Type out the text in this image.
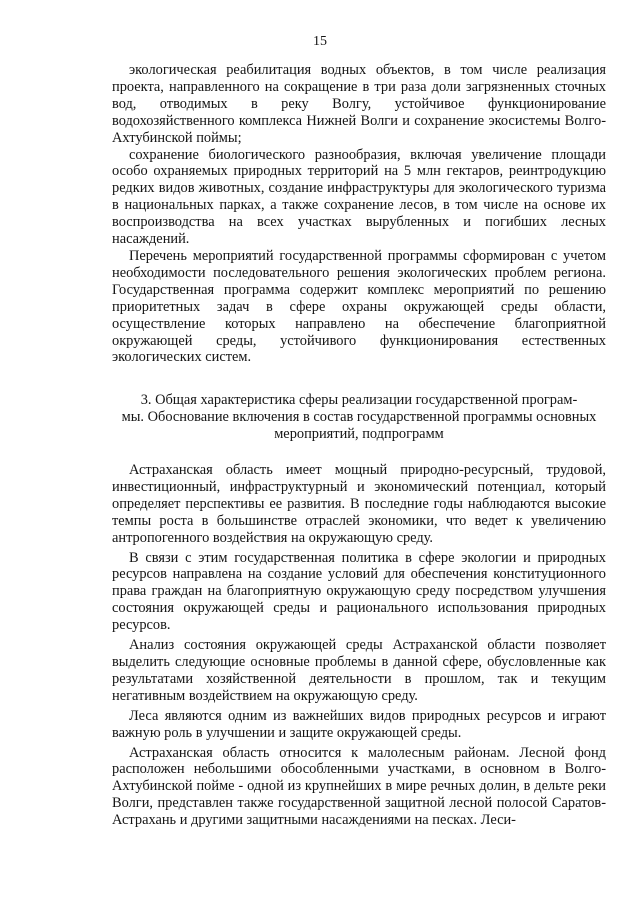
15

экологическая реабилитация водных объектов, в том числе реализация проекта, направленного на сокращение в три раза доли загрязненных сточных вод, отводимых в реку Волгу, устойчивое функционирование водохозяйственного комплекса Нижней Волги и сохранение экосистемы Волго-Ахтубинской поймы;

сохранение биологического разнообразия, включая увеличение площади особо охраняемых природных территорий на 5 млн гектаров, реинтродукцию редких видов животных, создание инфраструктуры для экологического туризма в национальных парках, а также сохранение лесов, в том числе на основе их воспроизводства на всех участках вырубленных и погибших лесных насаждений.

Перечень мероприятий государственной программы сформирован с учетом необходимости последовательного решения экологических проблем региона. Государственная программа содержит комплекс мероприятий по решению приоритетных задач в сфере охраны окружающей среды области, осуществление которых направлено на обеспечение благоприятной окружающей среды, устойчивого функционирования естественных экологических систем.

3. Общая характеристика сферы реализации государственной програм-
мы. Обоснование включения в состав государственной программы основных
мероприятий, подпрограмм

Астраханская область имеет мощный природно-ресурсный, трудовой, инвестиционный, инфраструктурный и экономический потенциал, который определяет перспективы ее развития. В последние годы наблюдаются высокие темпы роста в большинстве отраслей экономики, что ведет к увеличению антропогенного воздействия на окружающую среду.

В связи с этим государственная политика в сфере экологии и природных ресурсов направлена на создание условий для обеспечения конституционного права граждан на благоприятную окружающую среду посредством улучшения состояния окружающей среды и рационального использования природных ресурсов.

Анализ состояния окружающей среды Астраханской области позволяет выделить следующие основные проблемы в данной сфере, обусловленные как результатами хозяйственной деятельности в прошлом, так и текущим негативным воздействием на окружающую среду.

Леса являются одним из важнейших видов природных ресурсов и играют важную роль в улучшении и защите окружающей среды.

Астраханская область относится к малолесным районам. Лесной фонд расположен небольшими обособленными участками, в основном в Волго-Ахтубинской пойме - одной из крупнейших в мире речных долин, в дельте реки Волги, представлен также государственной защитной лесной полосой Саратов-Астрахань и другими защитными насаждениями на песках. Леси-
